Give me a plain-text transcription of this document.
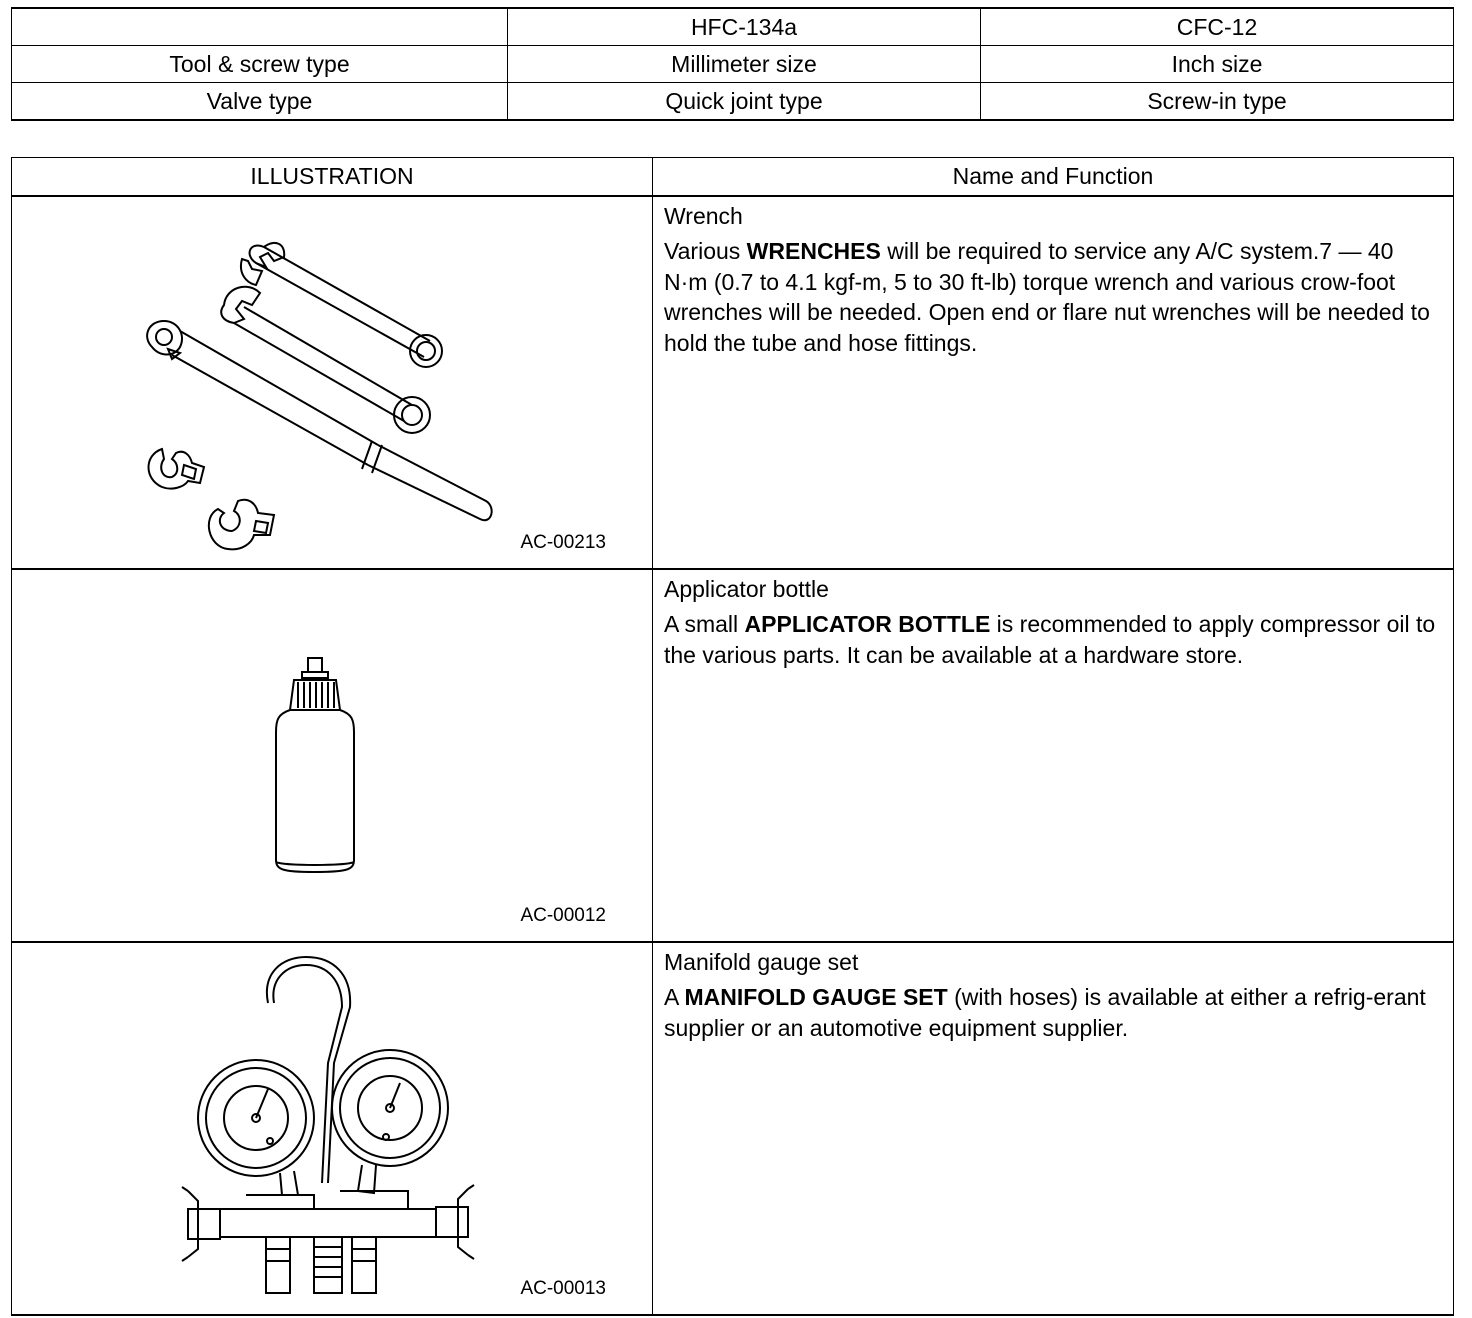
	HFC-134a	CFC-12
Tool & screw type	Millimeter size	Inch size
Valve type	Quick joint type	Screw-in type
ILLUSTRATION	Name and Function

AC-00213	Wrench

Various WRENCHES will be required to service any A/C system.7 — 40 N·m (0.7 to 4.1 kgf-m, 5 to 30 ft-lb) torque wrench and various crow-foot wrenches will be needed. Open end or flare nut wrenches will be needed to hold the tube and hose fittings.

AC-00012	Applicator bottle

A small APPLICATOR BOTTLE is recommended to apply compressor oil to the various parts. It can be available at a hardware store.

AC-00013	Manifold gauge set

A MANIFOLD GAUGE SET (with hoses) is available at either a refrig-erant supplier or an automotive equipment supplier.
